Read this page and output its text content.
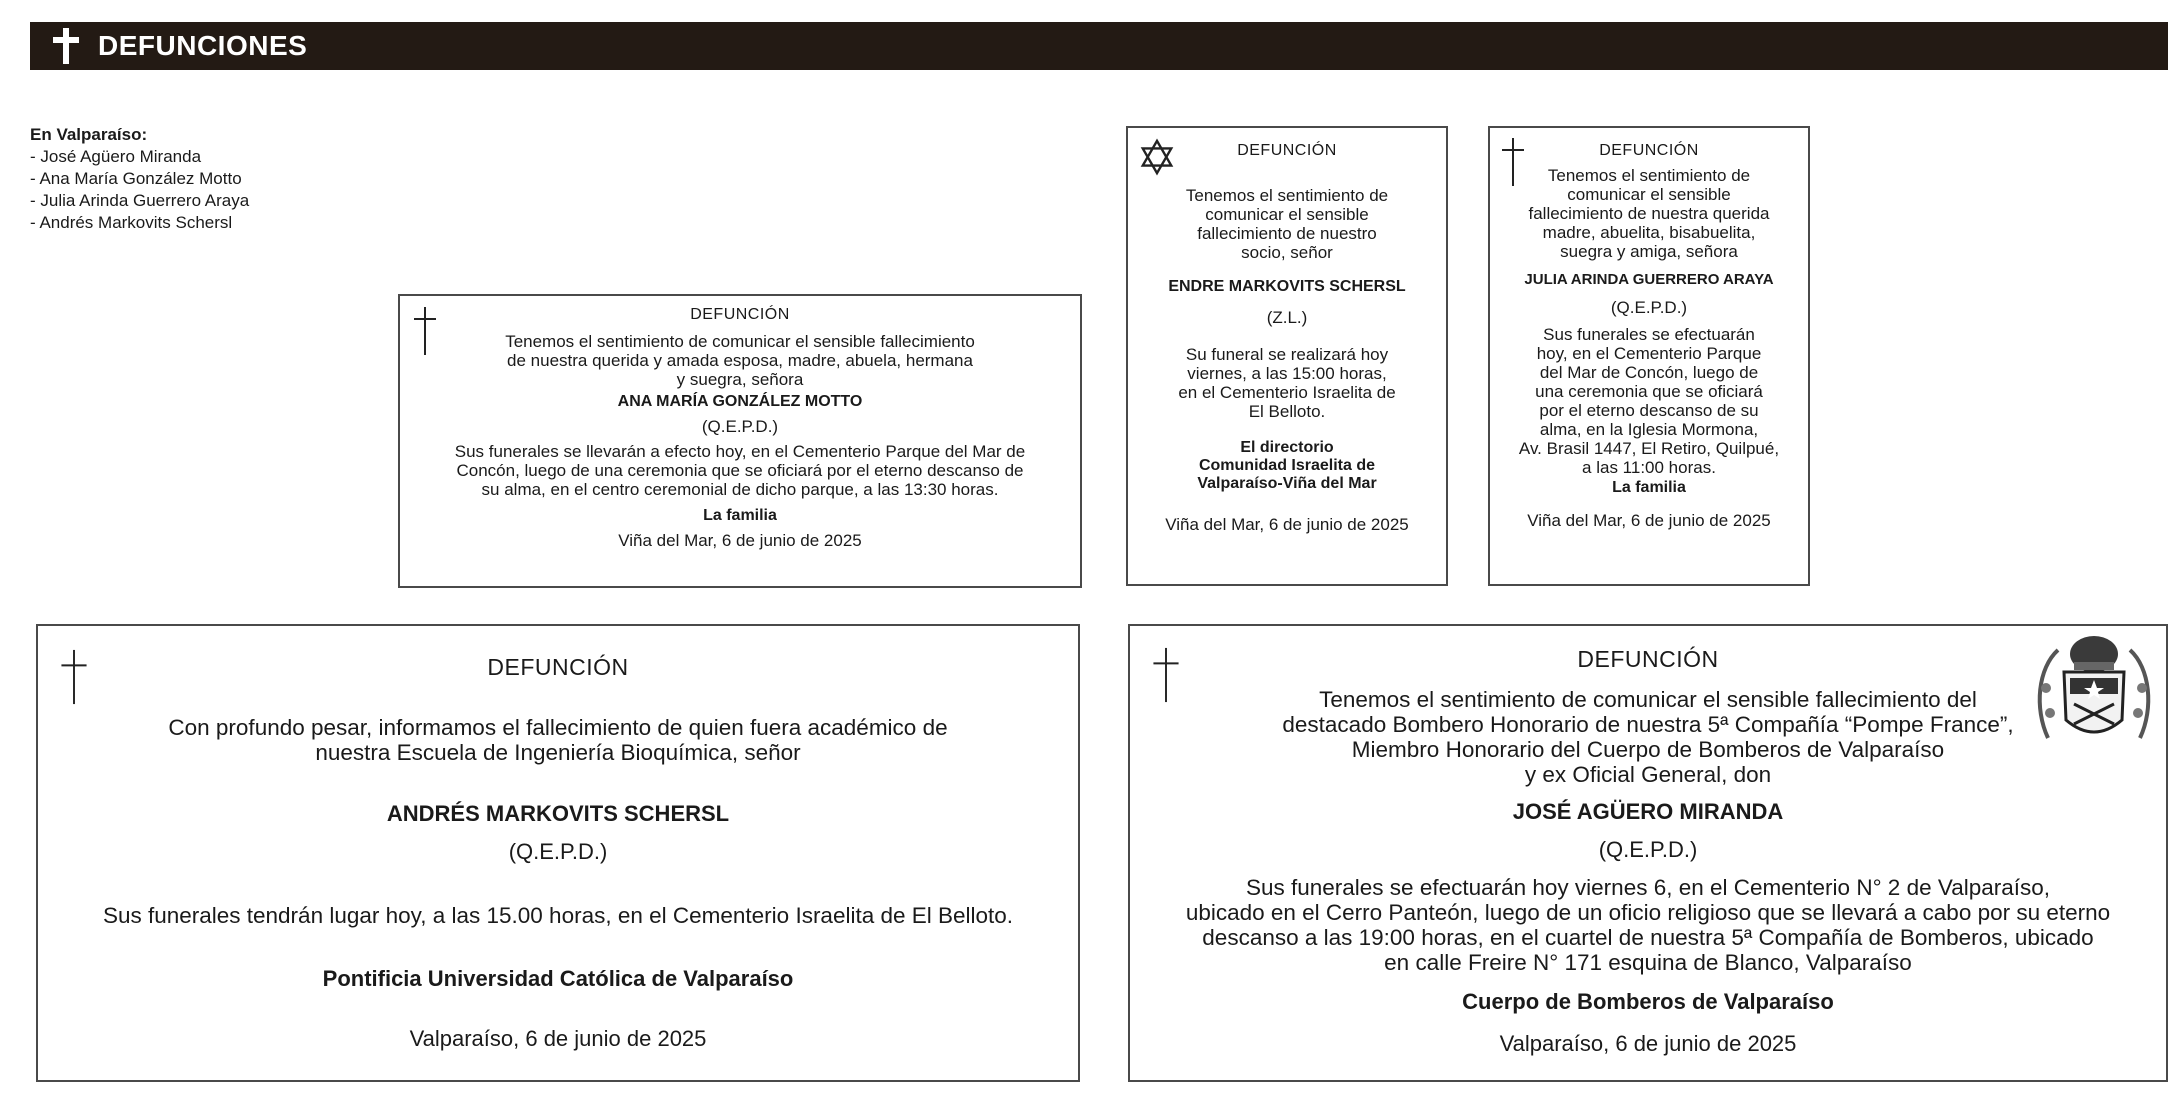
DEFUNCIONES
En Valparaíso:
- José Agüero Miranda
- Ana María González Motto
- Julia Arinda Guerrero Araya
- Andrés Markovits Schersl

DEFUNCIÓN

Tenemos el sentimiento de comunicar el sensible fallecimiento

de nuestra querida y amada esposa, madre, abuela, hermana

y suegra, señora

ANA MARÍA GONZÁLEZ MOTTO

(Q.E.P.D.)

Sus funerales se llevarán a efecto hoy, en el Cementerio Parque del Mar de

Concón, luego de una ceremonia que se oficiará por el eterno descanso de

su alma, en el centro ceremonial de dicho parque, a las 13:30 horas.

La familia

Viña del Mar, 6 de junio de 2025

DEFUNCIÓN

Tenemos el sentimiento de

comunicar el sensible

fallecimiento de nuestro

socio, señor

ENDRE MARKOVITS SCHERSL

(Z.L.)

Su funeral se realizará hoy

viernes, a las 15:00 horas,

en el Cementerio Israelita de

El Belloto.

El directorio

Comunidad Israelita de

Valparaíso-Viña del Mar

Viña del Mar, 6 de junio de 2025

DEFUNCIÓN

Tenemos el sentimiento de

comunicar el sensible

fallecimiento de nuestra querida

madre, abuelita, bisabuelita,

suegra y amiga, señora

JULIA ARINDA GUERRERO ARAYA

(Q.E.P.D.)

Sus funerales se efectuarán

hoy, en el Cementerio Parque

del Mar de Concón, luego de

una ceremonia que se oficiará

por el eterno descanso de su

alma, en la Iglesia Mormona,

Av. Brasil 1447, El Retiro, Quilpué,

a las 11:00 horas.

La familia

Viña del Mar, 6 de junio de 2025

DEFUNCIÓN

Con profundo pesar, informamos el fallecimiento de quien fuera académico de

nuestra Escuela de Ingeniería Bioquímica, señor

ANDRÉS MARKOVITS SCHERSL

(Q.E.P.D.)

Sus funerales tendrán lugar hoy, a las 15.00 horas, en el Cementerio Israelita de El Belloto.

Pontificia Universidad Católica de Valparaíso

Valparaíso, 6 de junio de 2025

DEFUNCIÓN

Tenemos el sentimiento de comunicar el sensible fallecimiento del

destacado Bombero Honorario de nuestra 5ª Compañía “Pompe France”,

Miembro Honorario del Cuerpo de Bomberos de Valparaíso

y ex Oficial General, don

JOSÉ AGÜERO MIRANDA

(Q.E.P.D.)

Sus funerales se efectuarán hoy viernes 6, en el Cementerio N° 2 de Valparaíso,

ubicado en el Cerro Panteón, luego de un oficio religioso que se llevará a cabo por su eterno

descanso a las 19:00 horas, en el cuartel de nuestra 5ª Compañía de Bomberos, ubicado

en calle Freire N° 171 esquina de Blanco, Valparaíso

Cuerpo de Bomberos de Valparaíso

Valparaíso, 6 de junio de 2025
